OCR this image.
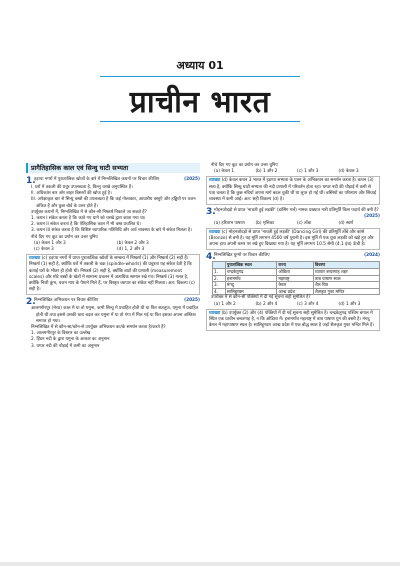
अध्याय 01
प्राचीन भारत
प्रागैतिहासिक काल एवं सिन्धु घाटी सभ्यता
1.
हड़प्पा नगरों में पुरातात्विक खोजों के बारे में निम्नलिखित कथनों पर विचार कीजिए	(2025)
I. घरों में तकली की प्रचुर उपलब्धता है, किन्तु चरखे अनुपस्थित हैं।
II. अधिकांश बार ओर बाहर बिस्तरों की खोज हुई है।
III. अपेक्षाकृत बार से सिन्धु वस्त्रों की उपलब्धता है कि कई गोलाकार, आधारीय वस्तुएँ और हड्डियों पर वजन अंकित हैं और कुछ बोर्ड के उत्तर होते हैं।
उपर्युक्त कथनों में, निम्नलिखित में से कौन-सी निष्कर्ष निकाले जा सकते हैं?
1. कथन I संकेत करता है कि काते गए धागे को चरखे द्वारा काता गया था।
2. कथन II संकेत करता है कि ऐतिहासिक काल में भी वस्त्र प्रचलित थे।
3. कथन III संकेत करता है कि विशिष्ट व्यापारिक गतिविधि और अर्थ व्यवस्था के बारे में संकेत मिलता है।
नीचे दिए गए कूट का प्रयोग कर उत्तर चुनिए
(a) केवल 1 और 3	(b) केवल 2 और 3
(c) केवल 3	(d) 1, 2 और 3
व्याख्या (c) हड़प्पा नगरों में प्राप्त पुरातात्विक खोजों के सम्बन्ध में निष्कर्ष (1) और निष्कर्ष (2) सही हैं। निष्कर्ष (1) सही है, क्योंकि घरों में तकली के चक्र (spindle-whorls) की प्रचुरता यह संकेत देती है कि कताई घरों के भीतर ही होती थी। निष्कर्ष (2) सही है, क्योंकि बाटों की प्रणाली (measurement scales) और मोटे वस्त्रों के खेतों में सामान्य प्रचलन में अत्यधिक सामान रखे गए। निष्कर्ष (3) गलत है, क्योंकि निजी कुंभ, वजन माप के पैमाने मिले हैं, पर विस्तृत व्यापार का संकेत नहीं मिलता। अत: विकल्प (c) सही है।
2.
निम्नलिखित अभिकथन पर विचार कीजिए	(2025)
आलमगीरपुर (मेरठ) काल में या तो यमुना, कभी सिन्धु में प्रवाहित होती थी या फिर सतलुज, यमुना में प्रवाहित होती थी तथा इससे उसकी धारा बदल कर यमुना में या तो गंगा में मिल गई या फिर इसका अपना अस्तित्व समाप्त हो गया।
निम्नलिखित में से कौन-सा/कौन-से उपर्युक्त अभिकथन का/के समर्थन करता है/करते हैं?
1. आलमगीरपुर के विस्तार का उल्लेख
2. हिंडन नदी के द्वारा यमुना के आकार का अनुमान
3. घग्घर नदी की चौड़ाई में कमी का अनुमान
नीचे दिए गए कूट का प्रयोग कर उत्तर चुनिए
(a) केवल 1	(b) 1 और 2	(c) 1 और 3	(d) केवल 3
व्याख्या (d) केवल कथन 3 भारत में हड़प्पा सभ्यता के पतन के अभिकथन का समर्थन करता है। कथन (3) सत्य है, क्योंकि सिन्धु घाटी सभ्यता की नदी प्रणाली में परिवर्तन होता रहा। घग्घर नदी की चौड़ाई में कमी से पता चलता है कि कुछ नदियाँ अपना मार्ग बदल चुकी थीं या लुप्त हो गई थीं। बस्तियों का परित्याग और सिंचाई व्यवस्था में कमी आई। अत: सही विकल्प (d) है।
3.
मोहनजोदड़ो से प्राप्त 'नाचती हुई लड़की' (डांसिंग गर्ल) नामक प्रख्यात नारी प्रतिमूर्ति किस पदार्थ की बनी है?
(2025)
(a) हरिताभ पाषाण	(b) मृत्तिका	(c) ताँबा	(d) स्वर्ण
व्याख्या (c) मोहनजोदड़ो से प्राप्त 'नाचती हुई लड़की' (Dancing Girl) की प्रतिमूर्ति ताँबे और कांसे (Bronze) से बनी है। यह मूर्ति लगभग 4500 वर्ष पुरानी है। इस मूर्ति में एक युवा लड़की को खड़े हुए और अपना हाथ अपनी कमर पर रखे हुए दिखाया गया है। यह मूर्ति लगभग 10.5 सेमी (4.1 इंच) ऊँची है।
4.
निम्नलिखित युग्मों पर विचार कीजिए	(2024)
	पुरातात्विक स्थल	राज्य	विवरण
1.	चन्द्रकेतुगढ़	ओडिशा	व्यापार बन्दरगाह शहर
2.	इनामगाँव	महाराष्ट्र	ताम्र पाषाण स्थल
3.	मंगदु	केरल	शैल चित्र
4.	सालिहुण्डम	आन्ध्र प्रदेश	शैलकृत गुफा मन्दिर
उपरोक्त में से कौन-सी पंक्तियों में दी गई सूचना सही सुमेलित है?
(a) 1 और 2	(b) 2 और 4	(c) 3 और 4	(d) 1 और 3
व्याख्या (b) उपर्युक्त (2) और (4) पंक्तियों में दी गई सूचना सही सुमेलित है। चन्द्रकेतुगढ़ पश्चिम बंगाल में स्थित एक प्राचीन बन्दरगाह है, न कि ओडिशा में। इनामगाँव महाराष्ट्र में ताम्र पाषाण युग की बस्ती है। मंगदु केरल में महापाषाण स्थल है। सालिहुण्डम आन्ध्र प्रदेश में एक बौद्ध स्थल है जहाँ शैलकृत गुफा मन्दिर मिले हैं।
